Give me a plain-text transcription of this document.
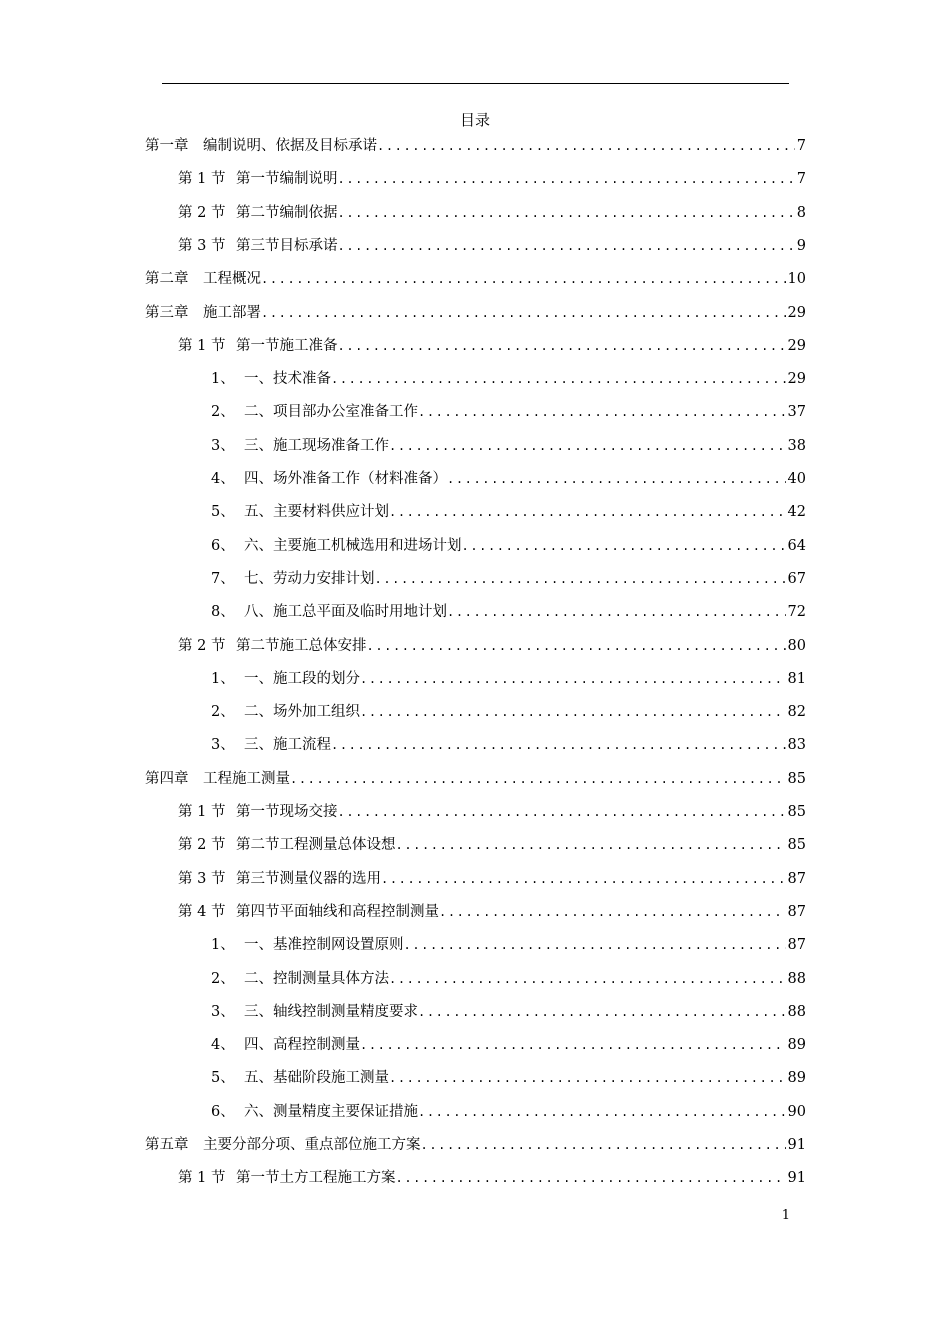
目录
第一章	编制说明、依据及目标承诺 .....	7
第 1 节 第一节编制说明 .....	7
第 2 节 第二节编制依据 .....	8
第 3 节 第三节目标承诺 .....	9
第二章	工程概况 .....	10
第三章	施工部署 .....	29
第 1 节 第一节施工准备 .....	29
1、 一、技术准备 .....	29
2、 二、项目部办公室准备工作 .....	37
3、 三、施工现场准备工作 .....	38
4、 四、场外准备工作（材料准备） .....	40
5、 五、主要材料供应计划 .....	42
6、 六、主要施工机械选用和进场计划 .....	64
7、 七、劳动力安排计划 .....	67
8、 八、施工总平面及临时用地计划 .....	72
第 2 节 第二节施工总体安排 .....	80
1、 一、施工段的划分 .....	81
2、 二、场外加工组织 .....	82
3、 三、施工流程 .....	83
第四章	工程施工测量 .....	85
第 1 节 第一节现场交接 .....	85
第 2 节 第二节工程测量总体设想 .....	85
第 3 节 第三节测量仪器的选用 .....	87
第 4 节 第四节平面轴线和高程控制测量 .....	87
1、 一、基准控制网设置原则 .....	87
2、 二、控制测量具体方法 .....	88
3、 三、轴线控制测量精度要求 .....	88
4、 四、高程控制测量 .....	89
5、 五、基础阶段施工测量 .....	89
6、 六、测量精度主要保证措施 .....	90
第五章	主要分部分项、重点部位施工方案 .....	91
第 1 节 第一节土方工程施工方案 .....	91
1
